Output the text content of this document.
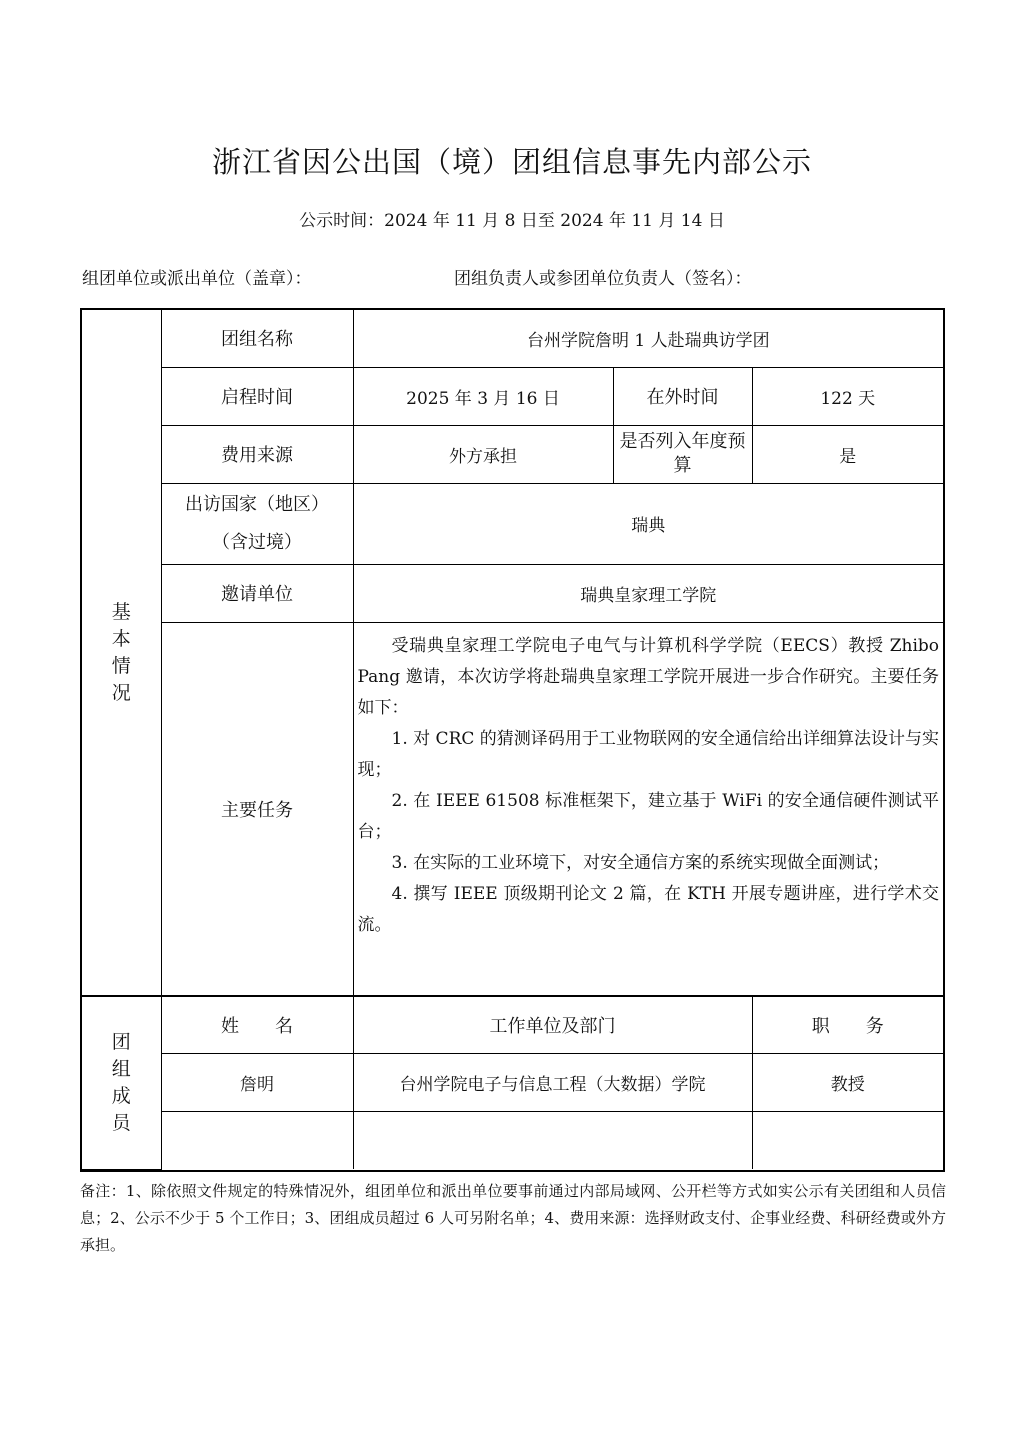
浙江省因公出国（境）团组信息事先内部公示
公示时间：2024 年 11 月 8 日至 2024 年 11 月 14 日
组团单位或派出单位（盖章）：	团组负责人或参团单位负责人（签名）：
基
本
情
况	团组名称	台州学院詹明 1 人赴瑞典访学团		
	启程时间	2025 年 3 月 16 日	在外时间	122 天
	费用来源	外方承担	是否列入年度预算	是

	出访国家（地区）
（含过境）	瑞典		
	邀请单位	瑞典皇家理工学院		
	主要任务	受瑞典皇家理工学院电子电气与计算机科学学院（EECS）教授 Zhibo Pang 邀请，本次访学将赴瑞典皇家理工学院开展进一步合作研究。主要任务如下：

1. 对 CRC 的猜测译码用于工业物联网的安全通信给出详细算法设计与实现；

2. 在 IEEE 61508 标准框架下，建立基于 WiFi 的安全通信硬件测试平台；

3. 在实际的工业环境下，对安全通信方案的系统实现做全面测试；

4. 撰写 IEEE 顶级期刊论文 2 篇，在 KTH 开展专题讲座，进行学术交流。		

团
组
成
员	姓　　名	工作单位及部门		职　　务
	詹明	台州学院电子与信息工程（大数据）学院		教授

备注：1、除依照文件规定的特殊情况外，组团单位和派出单位要事前通过内部局域网、公开栏等方式如实公示有关团组和人员信息；2、公示不少于 5 个工作日；3、团组成员超过 6 人可另附名单；4、费用来源：选择财政支付、企事业经费、科研经费或外方承担。
